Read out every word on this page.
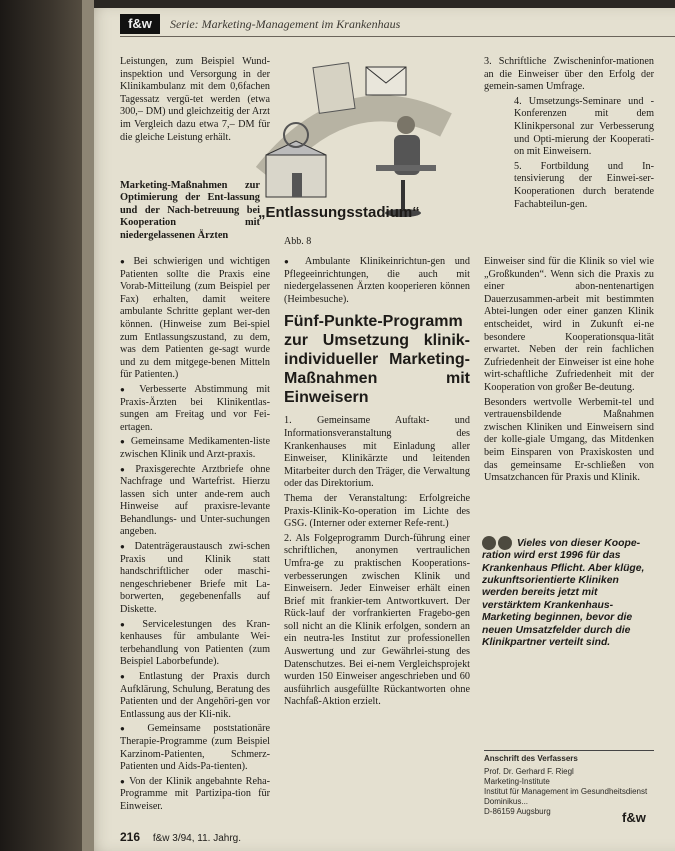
f&w	Serie: Marketing-Management im Krankenhaus

Leistungen, zum Beispiel Wund-inspektion und Versorgung in der Klinikambulanz mit dem 0,6fachen Tagessatz vergü-tet werden (etwa 300,– DM) und gleichzeitig der Arzt im Vergleich dazu etwa 7,– DM für die gleiche Leistung erhält.

Marketing-Maßnahmen zur Optimierung der Ent-lassung und der Nach-betreuung bei Kooperation mit niedergelassenen Ärzten

● Bei schwierigen und wichtigen Patienten sollte die Praxis eine Vorab-Mitteilung (zum Beispiel per Fax) erhalten, damit weitere ambulante Schritte geplant wer-den können. (Hinweise zum Bei-spiel zum Entlassungszustand, zu dem, was dem Patienten ge-sagt wurde und zu dem mitgege-benen Mitteln für Patienten.)

● Verbesserte Abstimmung mit Praxis-Ärzten bei Klinikentlas-sungen am Freitag und vor Fei-ertagen.

● Gemeinsame Medikamenten-liste zwischen Klinik und Arzt-praxis.

● Praxisgerechte Arztbriefe ohne Nachfrage und Wartefrist. Hierzu lassen sich unter ande-rem auch Hinweise auf praxisre-levante Behandlungs- und Unter-suchungen angeben.

● Datenträgeraustausch zwi-schen Praxis und Klinik statt handschriftlicher oder maschi-nengeschriebener Briefe mit La-borwerten, gegebenenfalls auf Diskette.

● Servicelestungen des Kran-kenhauses für ambulante Wei-terbehandlung von Patienten (zum Beispiel Laborbefunde).

● Entlastung der Praxis durch Aufklärung, Schulung, Beratung des Patienten und der Angehöri-gen vor Entlassung aus der Kli-nik.

● Gemeinsame poststationäre Therapie-Programme (zum Beispiel Karzinom-Patienten, Schmerz-Patienten und Aids-Pa-tienten).

● Von der Klinik angebahnte Reha-Programme mit Partizipa-tion für Einweiser.

„Entlassungsstadium“
Abb. 8

● Ambulante Klinikeinrichtun-gen und Pflegeeinrichtungen, die auch mit niedergelassenen Ärzten kooperieren können (Heimbesuche).

Fünf-Punkte-Programm zur Umsetzung klinik-individueller Marketing-Maßnahmen mit Einweisern

1. Gemeinsame Auftakt- und Informationsveranstaltung des Krankenhauses mit Einladung aller Einweiser, Klinikärzte und leitenden Mitarbeiter durch den Träger, die Verwaltung oder das Direktorium.

Thema der Veranstaltung: Erfolgreiche Praxis-Klinik-Ko-operation im Lichte des GSG. (Interner oder externer Refe-rent.)

2. Als Folgeprogramm Durch-führung einer schriftlichen, anonymen vertraulichen Umfra-ge zu praktischen Kooperations-verbesserungen zwischen Klinik und Einweisern. Jeder Einweiser erhält einen Brief mit frankier-tem Antwortkuvert. Der Rück-lauf der vorfrankierten Fragebo-gen soll nicht an die Klinik erfolgen, sondern an ein neutra-les Institut zur professionellen Auswertung und zur Gewährlei-stung des Datenschutzes. Bei ei-nem Vergleichsprojekt wurden 150 Einweiser angeschrieben und 60 ausführlich ausgefüllte Rückantworten ohne Nachfaß-Aktion erzielt.

3. Schriftliche Zwischeninfor-mationen an die Einweiser über den Erfolg der gemein-samen Umfrage.

4. Umsetzungs-Seminare und -Konferenzen mit dem Klinikpersonal zur Verbesserung und Opti-mierung der Kooperati-on mit Einweisern.

5. Fortbildung und In-tensivierung der Einwei-ser-Kooperationen durch beratende Fachabteilun-gen.

Einweiser sind für die Klinik so viel wie „Großkunden“. Wenn sich die Praxis zu einer abon-nentenartigen Dauerzusammen-arbeit mit bestimmten Abtei-lungen oder einer ganzen Klinik entscheidet, wird in Zukunft ei-ne besondere Kooperationsqua-lität erwartet. Neben der rein fachlichen Zufriedenheit der Einweiser ist eine hohe wirt-schaftliche Zufriedenheit mit der Kooperation von großer Be-deutung.

Besonders wertvolle Werbemit-tel und vertrauensbildende Maßnahmen zwischen Kliniken und Einweisern sind der kolle-giale Umgang, das Mitdenken beim Einsparen von Praxiskosten und das gemeinsame Er-schließen von Umsatzchancen für Praxis und Klinik.

Vieles von dieser Koope-ration wird erst 1996 für das Krankenhaus Pflicht. Aber klüge, zukunftsorientierte Kliniken werden bereits jetzt mit verstärktem Krankenhaus-Marketing beginnen, bevor die neuen Umsatzfelder durch die Klinikpartner verteilt sind.
Anschrift des Verfassers
Prof. Dr. Gerhard F. Riegl
Marketing-Institute
Institut für Management im Gesundheitsdienst
Dominikus...
D-86159 Augsburg	f&w
216 f&w 3/94, 11. Jahrg.
